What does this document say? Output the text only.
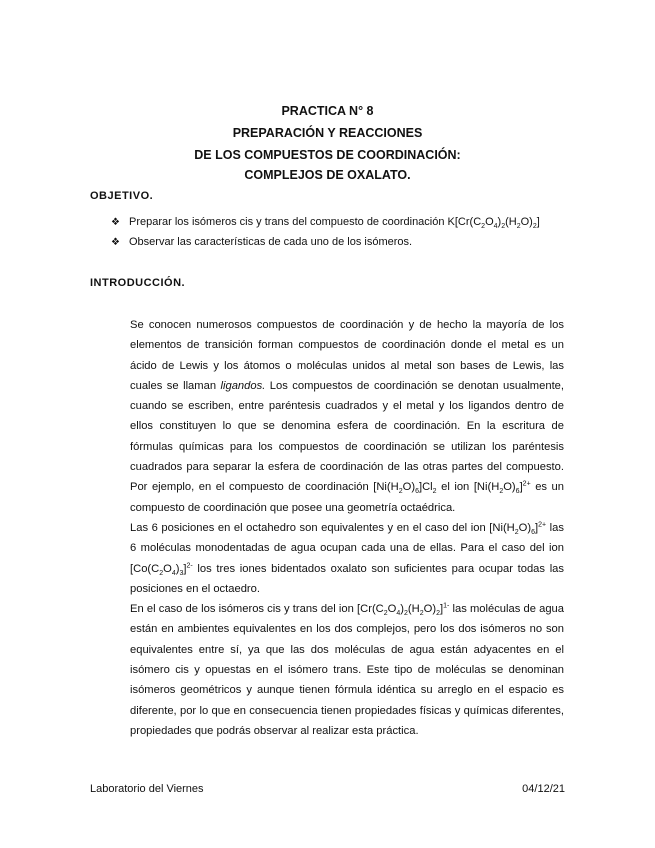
PRACTICA N° 8
PREPARACIÓN Y REACCIONES
DE LOS COMPUESTOS DE COORDINACIÓN:
COMPLEJOS DE OXALATO.
OBJETIVO.
❖ Preparar los isómeros cis y trans del compuesto de coordinación $K[Cr(C_2O_4)_2(H_2O)_2]$
❖ Observar las características de cada uno de los isómeros.
INTRODUCCIÓN.

Se conocen numerosos compuestos de coordinación y de hecho la mayoría de los elementos de transición forman compuestos de coordinación donde el metal es un ácido de Lewis y los átomos o moléculas unidos al metal son bases de Lewis, las cuales se llaman ligandos. Los compuestos de coordinación se denotan usualmente, cuando se escriben, entre paréntesis cuadrados y el metal y los ligandos dentro de ellos constituyen lo que se denomina esfera de coordinación. En la escritura de fórmulas químicas para los compuestos de coordinación se utilizan los paréntesis cuadrados para separar la esfera de coordinación de las otras partes del compuesto. Por ejemplo, en el compuesto de coordinación $[Ni(H_2O)_6]Cl_2$ el ion $[Ni(H_2O)_6]^{2+}$ es un compuesto de coordinación que posee una geometría octaédrica.

Las 6 posiciones en el octahedro son equivalentes y en el caso del ion $[Ni(H_2O)_6]^{2+}$ las 6 moléculas monodentadas de agua ocupan cada una de ellas. Para el caso del ion $[Co(C_2O_4)_3]^{2-}$ los tres iones bidentados oxalato son suficientes para ocupar todas las posiciones en el octaedro.

En el caso de los isómeros cis y trans del ion $[Cr(C_2O_4)_2(H_2O)_2]^{1-}$ las moléculas de agua están en ambientes equivalentes en los dos complejos, pero los dos isómeros no son equivalentes entre sí, ya que las dos moléculas de agua están adyacentes en el isómero cis y opuestas en el isómero trans. Este tipo de moléculas se denominan isómeros geométricos y aunque tienen fórmula idéntica su arreglo en el espacio es diferente, por lo que en consecuencia tienen propiedades físicas y químicas diferentes, propiedades que podrás observar al realizar esta práctica.

Laboratorio del Viernes	04/12/21
